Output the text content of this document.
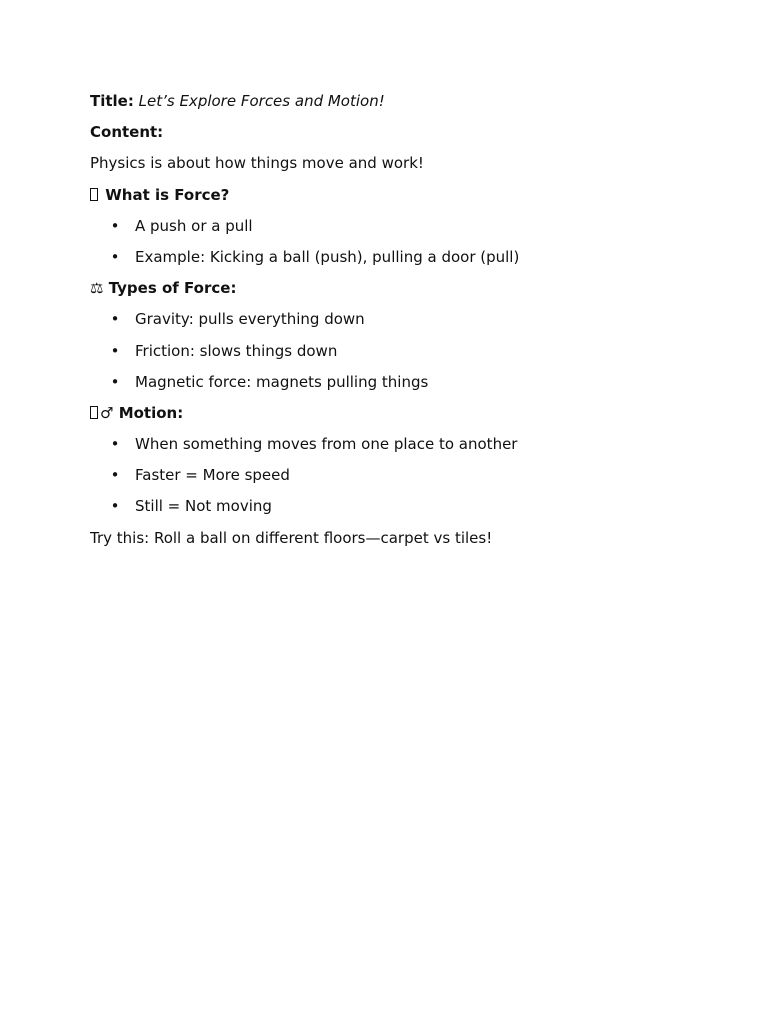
Title: Let’s Explore Forces and Motion!

Content:

Physics is about how things move and work!

What is Force?

• A push or a pull
• Example: Kicking a ball (push), pulling a door (pull)

⚖ Types of Force:

• Gravity: pulls everything down
• Friction: slows things down
• Magnetic force: magnets pulling things

♂ Motion:

• When something moves from one place to another
• Faster = More speed
• Still = Not moving

Try this: Roll a ball on different floors—carpet vs tiles!
